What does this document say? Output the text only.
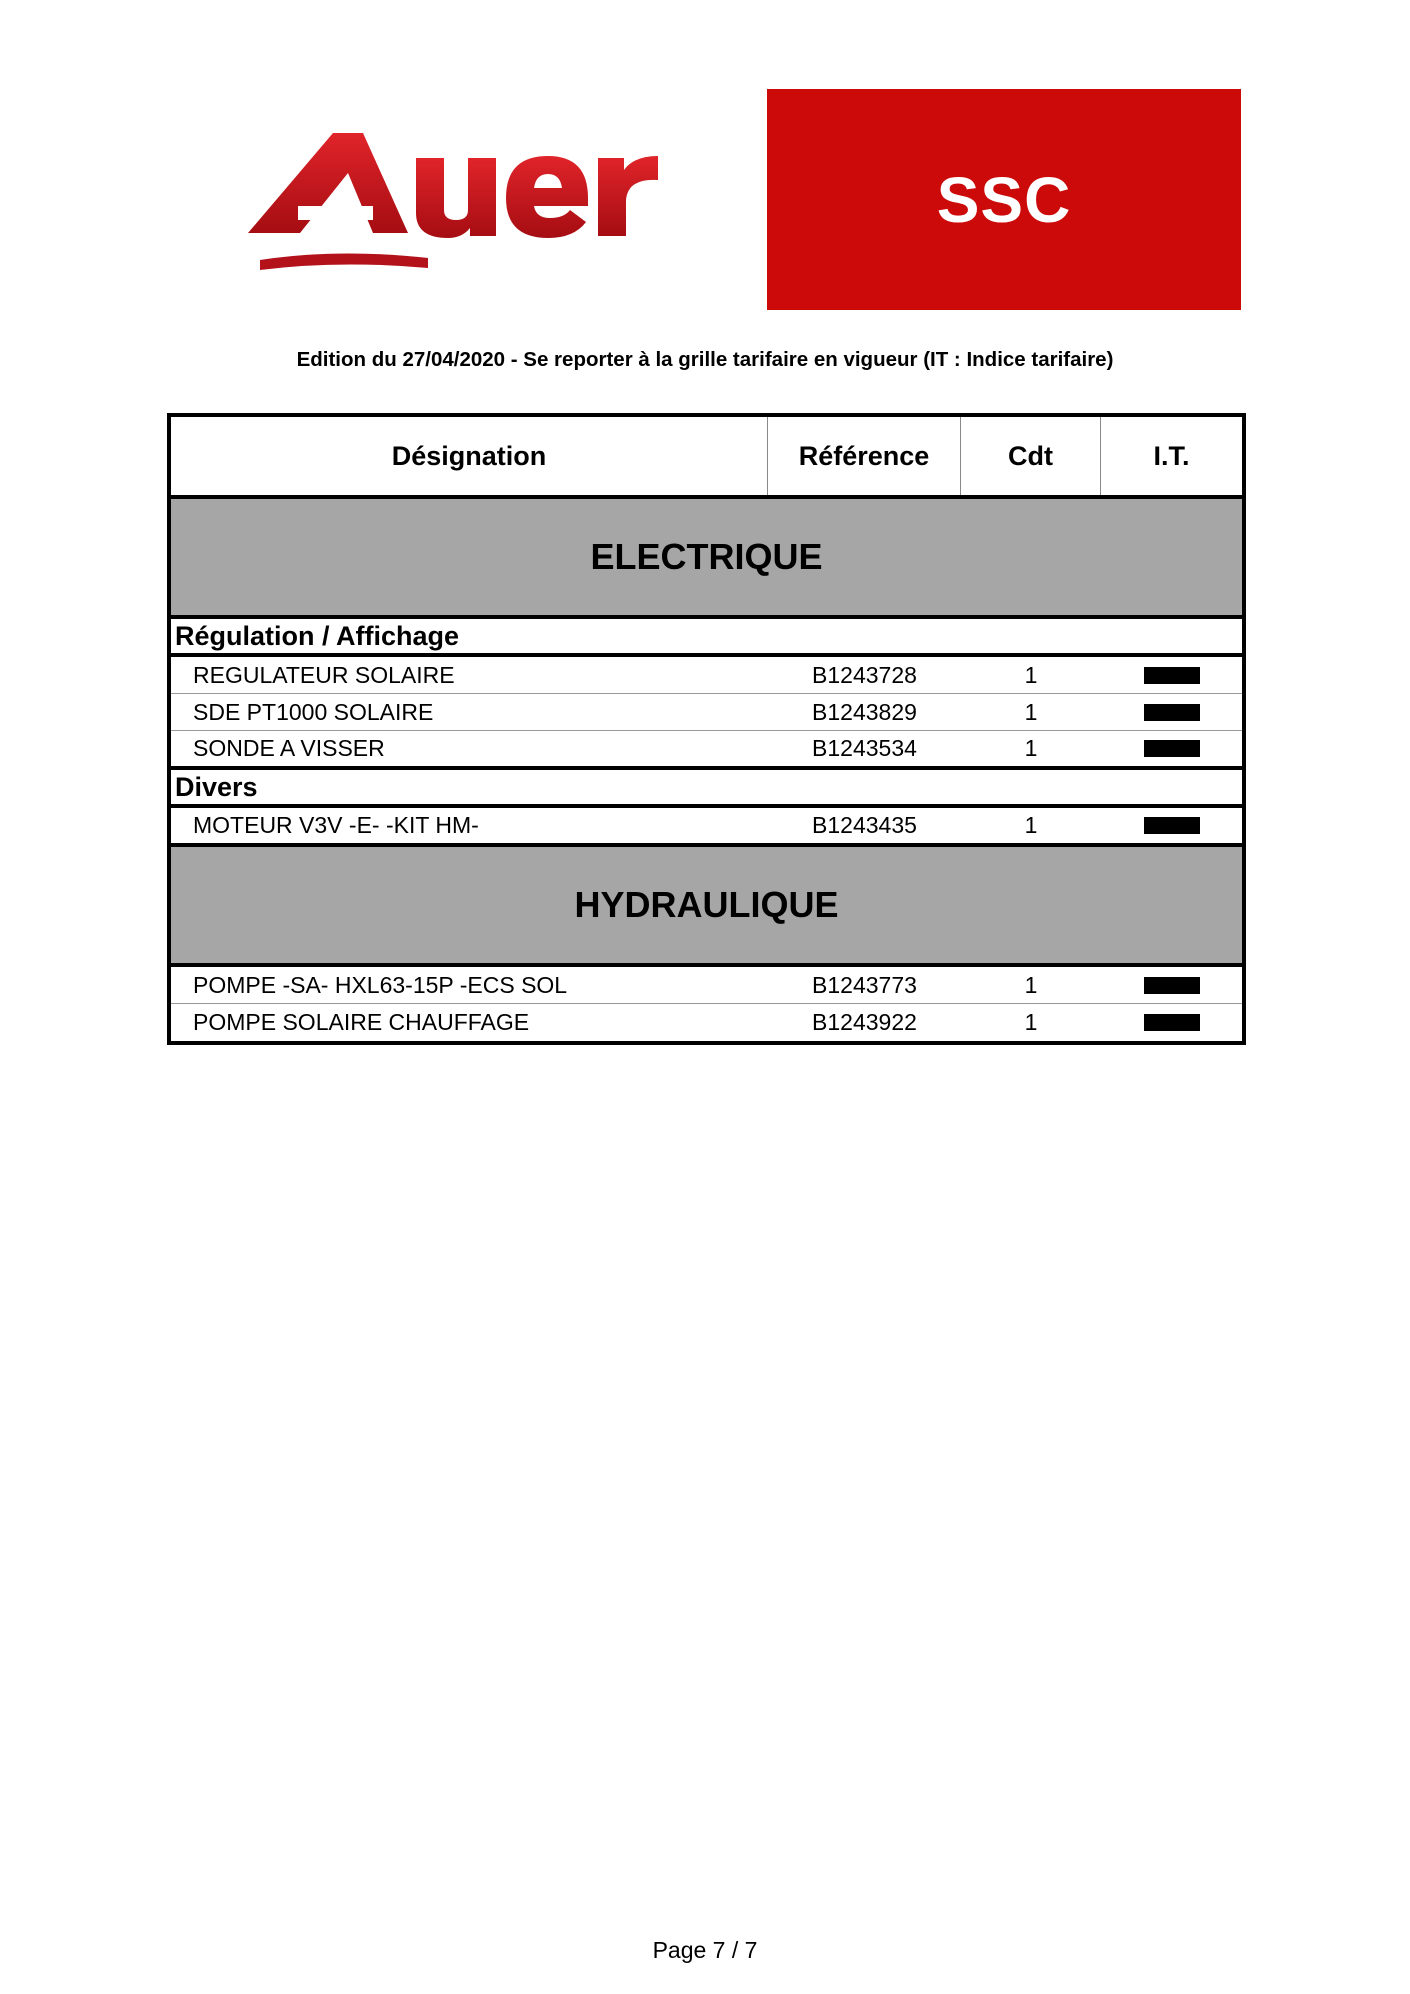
SSC
Edition du 27/04/2020 - Se reporter à la grille tarifaire en vigueur (IT : Indice tarifaire)
Désignation	Référence	Cdt	I.T.
ELECTRIQUE
Régulation / Affichage
REGULATEUR SOLAIRE	B1243728	1
SDE PT1000 SOLAIRE	B1243829	1
SONDE A VISSER	B1243534	1
Divers
MOTEUR V3V -E- -KIT HM-	B1243435	1
HYDRAULIQUE
POMPE -SA- HXL63-15P -ECS SOL	B1243773	1
POMPE SOLAIRE CHAUFFAGE	B1243922	1
Page 7 / 7
